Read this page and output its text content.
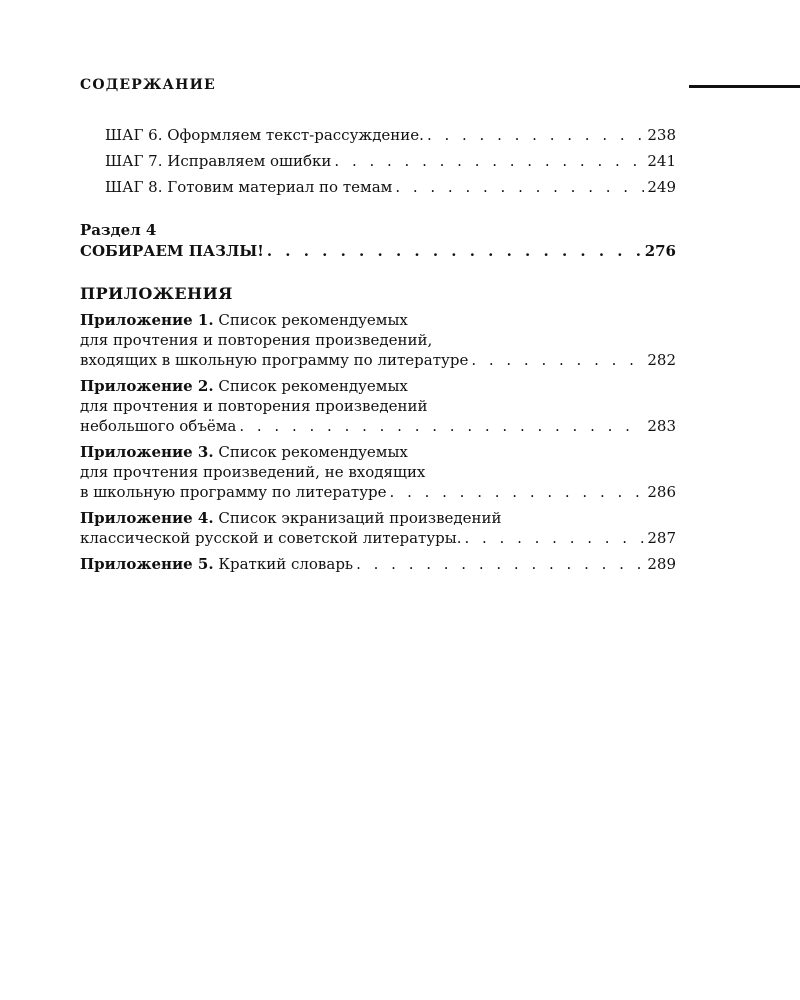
СОДЕРЖАНИЕ
ШАГ 6. Оформляем текст-рассуждение. . . .	238
ШАГ 7. Исправляем ошибки . . .	241
ШАГ 8. Готовим материал по темам . . .	249
Раздел 4
СОБИРАЕМ ПАЗЛЫ! . . .	276
ПРИЛОЖЕНИЯ
Приложение 1. Список рекомендуемых
для прочтения и повторения произведений,
входящих в школьную программу по литературе . . .	282
Приложение 2. Список рекомендуемых
для прочтения и повторения произведений
небольшого объёма . . .	283
Приложение 3. Список рекомендуемых
для прочтения произведений, не входящих
в школьную программу по литературе . . .	286
Приложение 4. Список экранизаций произведений
классической русской и советской литературы. . . .	287
Приложение 5. Краткий словарь . . .	289
